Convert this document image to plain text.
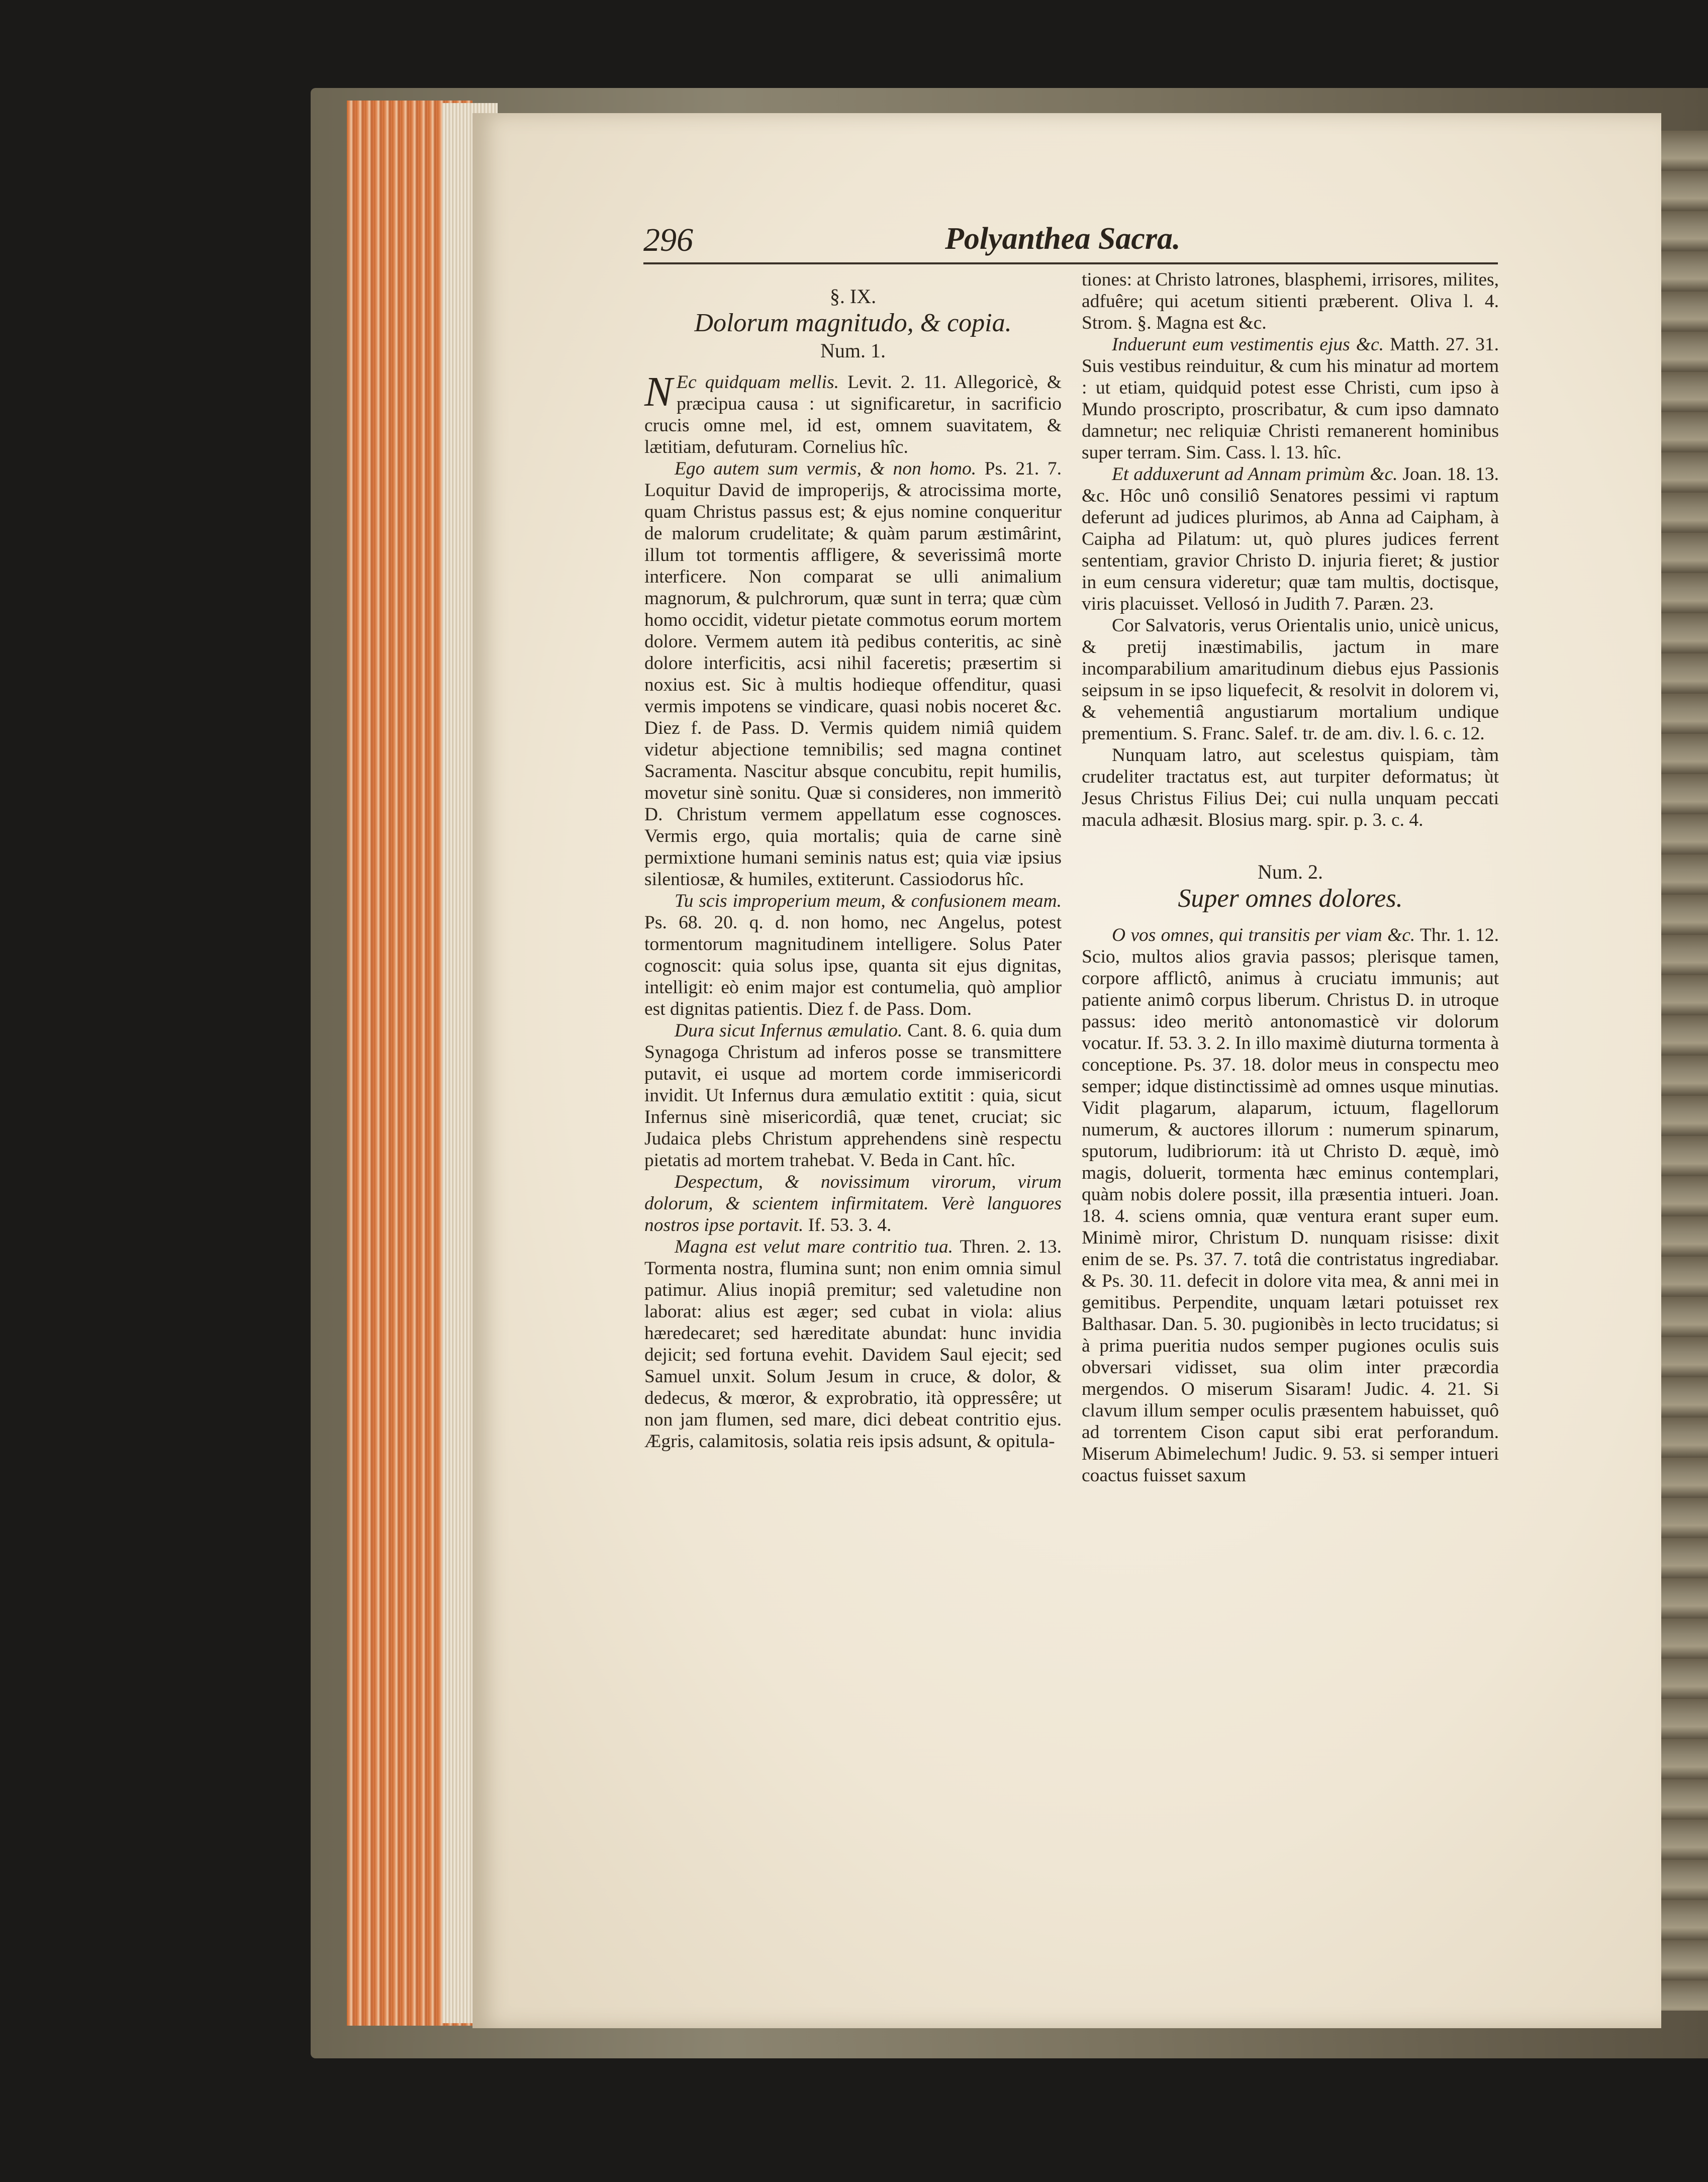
296	Polyanthea Sacra.

§. IX.

Dolorum magnitudo, & copia.

Num. 1.

N Ec quidquam mellis. Levit. 2. 11. Allegoricè, & præcipua causa : ut significaretur, in sacrificio crucis omne mel, id est, omnem suavitatem, & lætitiam, defuturam. Cornelius hîc.

Ego autem sum vermis, & non homo. Ps. 21. 7. Loquitur David de improperijs, & atrocissima morte, quam Christus passus est; & ejus nomine conqueritur de malorum crudelitate; & quàm parum æstimârint, illum tot tormentis affligere, & severissimâ morte interficere. Non comparat se ulli animalium magnorum, & pulchrorum, quæ sunt in terra; quæ cùm homo occidit, videtur pietate commotus eorum mortem dolore. Vermem autem ità pedibus conteritis, ac sinè dolore interficitis, acsi nihil faceretis; præsertim si noxius est. Sic à multis hodieque offenditur, quasi vermis impotens se vindicare, quasi nobis noceret &c. Diez f. de Pass. D. Vermis quidem nimiâ quidem videtur abjectione temnibilis; sed magna continet Sacramenta. Nascitur absque concubitu, repit humilis, movetur sinè sonitu. Quæ si consideres, non immeritò D. Christum vermem appellatum esse cognosces. Vermis ergo, quia mortalis; quia de carne sinè permixtione humani seminis natus est; quia viæ ipsius silentiosæ, & humiles, extiterunt. Cassiodorus hîc.

Tu scis improperium meum, & confusionem meam. Ps. 68. 20. q. d. non homo, nec Angelus, potest tormentorum magnitudinem intelligere. Solus Pater cognoscit: quia solus ipse, quanta sit ejus dignitas, intelligit: eò enim major est contumelia, quò amplior est dignitas patientis. Diez f. de Pass. Dom.

Dura sicut Infernus æmulatio. Cant. 8. 6. quia dum Synagoga Christum ad inferos posse se transmittere putavit, ei usque ad mortem corde immisericordi invidit. Ut Infernus dura æmulatio extitit : quia, sicut Infernus sinè misericordiâ, quæ tenet, cruciat; sic Judaica plebs Christum apprehendens sinè respectu pietatis ad mortem trahebat. V. Beda in Cant. hîc.

Despectum, & novissimum virorum, virum dolorum, & scientem infirmitatem. Verè languores nostros ipse portavit. If. 53. 3. 4.

Magna est velut mare contritio tua. Thren. 2. 13. Tormenta nostra, flumina sunt; non enim omnia simul patimur. Alius inopiâ premitur; sed valetudine non laborat: alius est æger; sed cubat in viola: alius hæredecaret; sed hæreditate abundat: hunc invidia dejicit; sed fortuna evehit. Davidem Saul ejecit; sed Samuel unxit. Solum Jesum in cruce, & dolor, & dedecus, & mœror, & exprobratio, ità oppressêre; ut non jam flumen, sed mare, dici debeat contritio ejus. Ægris, calamitosis, solatia reis ipsis adsunt, & opitula-

tiones: at Christo latrones, blasphemi, irrisores, milites, adfuêre; qui acetum sitienti præberent. Oliva l. 4. Strom. §. Magna est &c.

Induerunt eum vestimentis ejus &c. Matth. 27. 31. Suis vestibus reinduitur, & cum his minatur ad mortem : ut etiam, quidquid potest esse Christi, cum ipso à Mundo proscripto, proscribatur, & cum ipso damnato damnetur; nec reliquiæ Christi remanerent hominibus super terram. Sim. Cass. l. 13. hîc.

Et adduxerunt ad Annam primùm &c. Joan. 18. 13. &c. Hôc unô consiliô Senatores pessimi vi raptum deferunt ad judices plurimos, ab Anna ad Caipham, à Caipha ad Pilatum: ut, quò plures judices ferrent sententiam, gravior Christo D. injuria fieret; & justior in eum censura videretur; quæ tam multis, doctisque, viris placuisset. Vellosó in Judith 7. Paræn. 23.

Cor Salvatoris, verus Orientalis unio, unicè unicus, & pretij inæstimabilis, jactum in mare incomparabilium amaritudinum diebus ejus Passionis seipsum in se ipso liquefecit, & resolvit in dolorem vi, & vehementiâ angustiarum mortalium undique prementium. S. Franc. Salef. tr. de am. div. l. 6. c. 12.

Nunquam latro, aut scelestus quispiam, tàm crudeliter tractatus est, aut turpiter deformatus; ùt Jesus Christus Filius Dei; cui nulla unquam peccati macula adhæsit. Blosius marg. spir. p. 3. c. 4.

Num. 2.

Super omnes dolores.

O vos omnes, qui transitis per viam &c. Thr. 1. 12. Scio, multos alios gravia passos; plerisque tamen, corpore afflictô, animus à cruciatu immunis; aut patiente animô corpus liberum. Christus D. in utroque passus: ideo meritò antonomasticè vir dolorum vocatur. If. 53. 3. 2. In illo maximè diuturna tormenta à conceptione. Ps. 37. 18. dolor meus in conspectu meo semper; idque distinctissimè ad omnes usque minutias. Vidit plagarum, alaparum, ictuum, flagellorum numerum, & auctores illorum : numerum spinarum, sputorum, ludibriorum: ità ut Christo D. æquè, imò magis, doluerit, tormenta hæc eminus contemplari, quàm nobis dolere possit, illa præsentia intueri. Joan. 18. 4. sciens omnia, quæ ventura erant super eum. Minimè miror, Christum D. nunquam risisse: dixit enim de se. Ps. 37. 7. totâ die contristatus ingrediabar. & Ps. 30. 11. defecit in dolore vita mea, & anni mei in gemitibus. Perpendite, unquam lætari potuisset rex Balthasar. Dan. 5. 30. pugionibès in lecto trucidatus; si à prima pueritia nudos semper pugiones oculis suis obversari vidisset, sua olim inter præcordia mergendos. O miserum Sisaram! Judic. 4. 21. Si clavum illum semper oculis præsentem habuisset, quô ad torrentem Cison caput sibi erat perforandum. Miserum Abimelechum! Judic. 9. 53. si semper intueri coactus fuisset saxum
